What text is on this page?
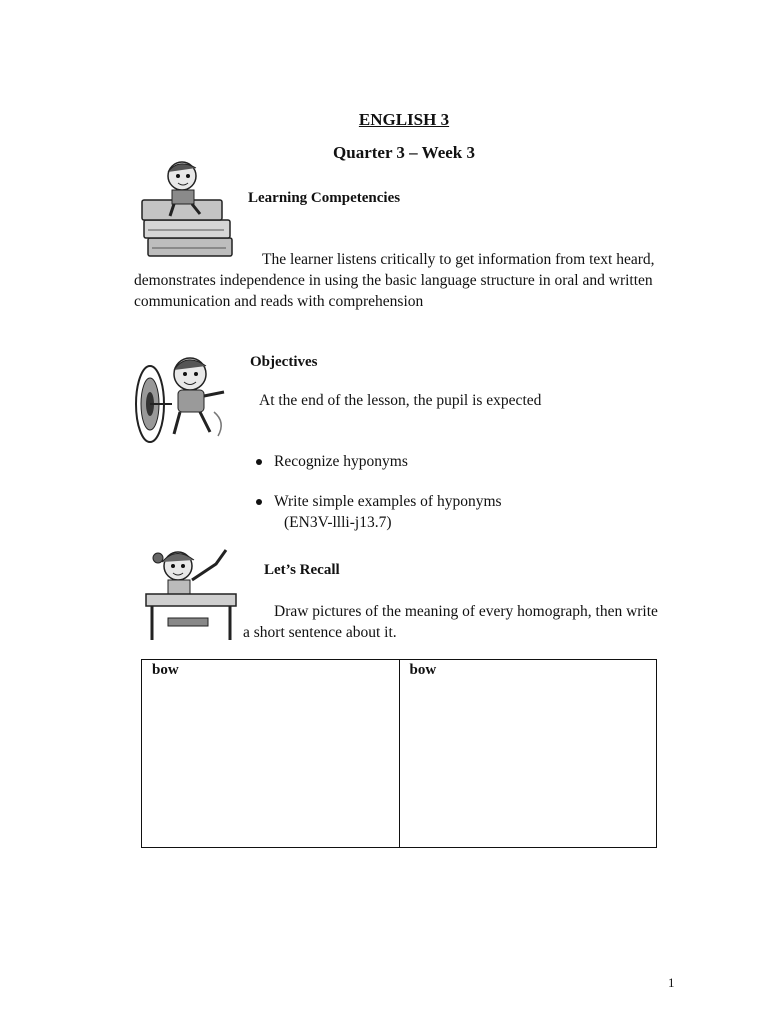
ENGLISH 3
Quarter 3 – Week 3
Learning Competencies
The learner listens critically to get information from text heard, demonstrates independence in using the basic language structure in oral and written communication and reads with comprehension
Objectives
At the end of the lesson, the pupil is expected
Recognize hyponyms
Write simple examples of hyponyms
(EN3V-llli-j13.7)
Let’s Recall
Draw pictures of the meaning of every homograph, then write a short sentence about it.
bow	bow
1
